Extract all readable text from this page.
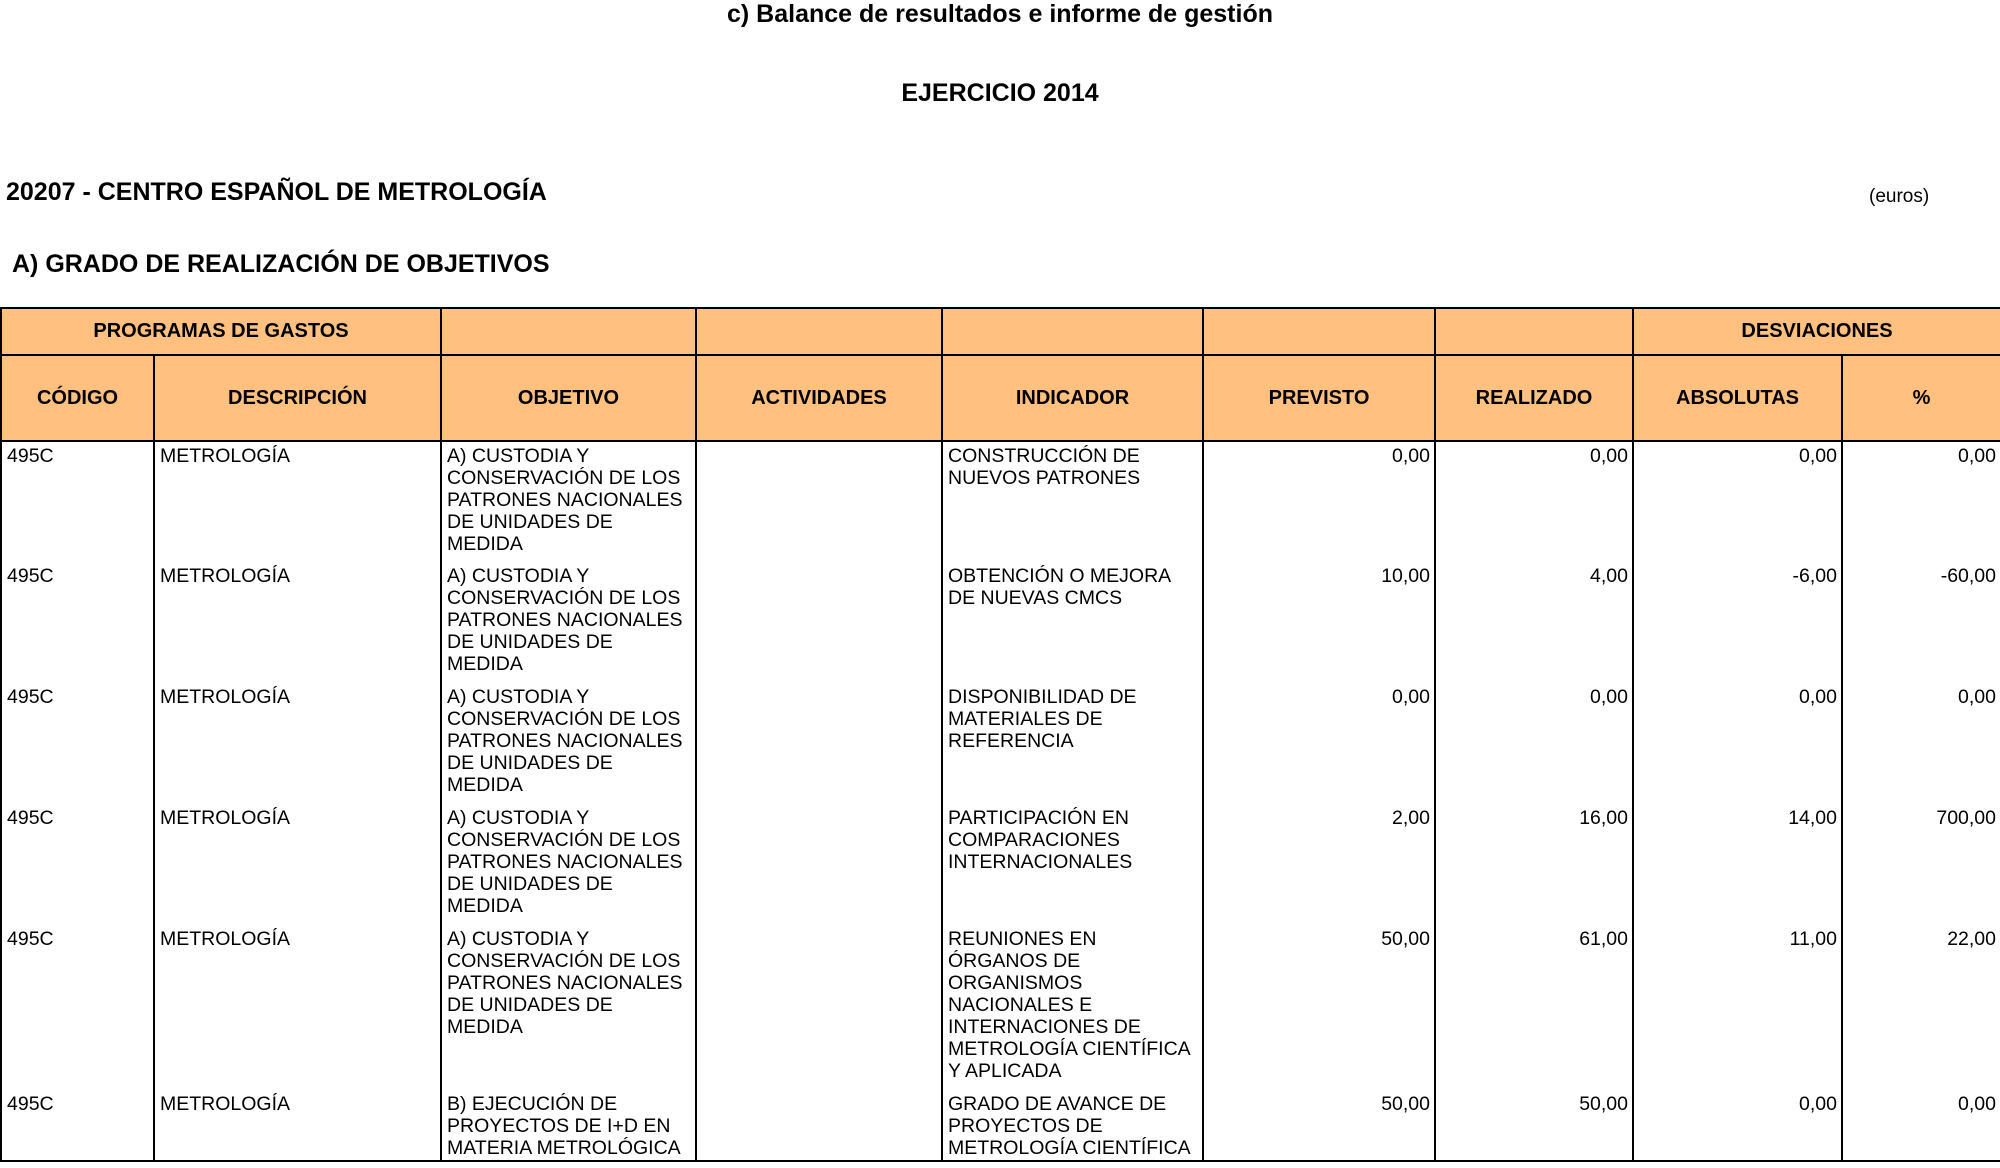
c) Balance de resultados e informe de gestión
EJERCICIO 2014
20207 - CENTRO ESPAÑOL DE METROLOGÍA	(euros)
A) GRADO DE REALIZACIÓN DE OBJETIVOS
PROGRAMAS DE GASTOS							DESVIACIONES	
CÓDIGO	DESCRIPCIÓN	OBJETIVO	ACTIVIDADES	INDICADOR	PREVISTO	REALIZADO	ABSOLUTAS	%
495C	METROLOGÍA	A) CUSTODIA Y CONSERVACIÓN DE LOS PATRONES NACIONALES DE UNIDADES DE MEDIDA		CONSTRUCCIÓN DE NUEVOS PATRONES	0,00	0,00	0,00	0,00
495C	METROLOGÍA	A) CUSTODIA Y CONSERVACIÓN DE LOS PATRONES NACIONALES DE UNIDADES DE MEDIDA		OBTENCIÓN O MEJORA DE NUEVAS CMCS	10,00	4,00	-6,00	-60,00
495C	METROLOGÍA	A) CUSTODIA Y CONSERVACIÓN DE LOS PATRONES NACIONALES DE UNIDADES DE MEDIDA		DISPONIBILIDAD DE MATERIALES DE REFERENCIA	0,00	0,00	0,00	0,00
495C	METROLOGÍA	A) CUSTODIA Y CONSERVACIÓN DE LOS PATRONES NACIONALES DE UNIDADES DE MEDIDA		PARTICIPACIÓN EN COMPARACIONES INTERNACIONALES	2,00	16,00	14,00	700,00
495C	METROLOGÍA	A) CUSTODIA Y CONSERVACIÓN DE LOS PATRONES NACIONALES DE UNIDADES DE MEDIDA		REUNIONES EN ÓRGANOS DE ORGANISMOS NACIONALES E INTERNACIONES DE METROLOGÍA CIENTÍFICA Y APLICADA	50,00	61,00	11,00	22,00
495C	METROLOGÍA	B) EJECUCIÓN DE PROYECTOS DE I+D EN MATERIA METROLÓGICA		GRADO DE AVANCE DE PROYECTOS DE METROLOGÍA CIENTÍFICA	50,00	50,00	0,00	0,00
